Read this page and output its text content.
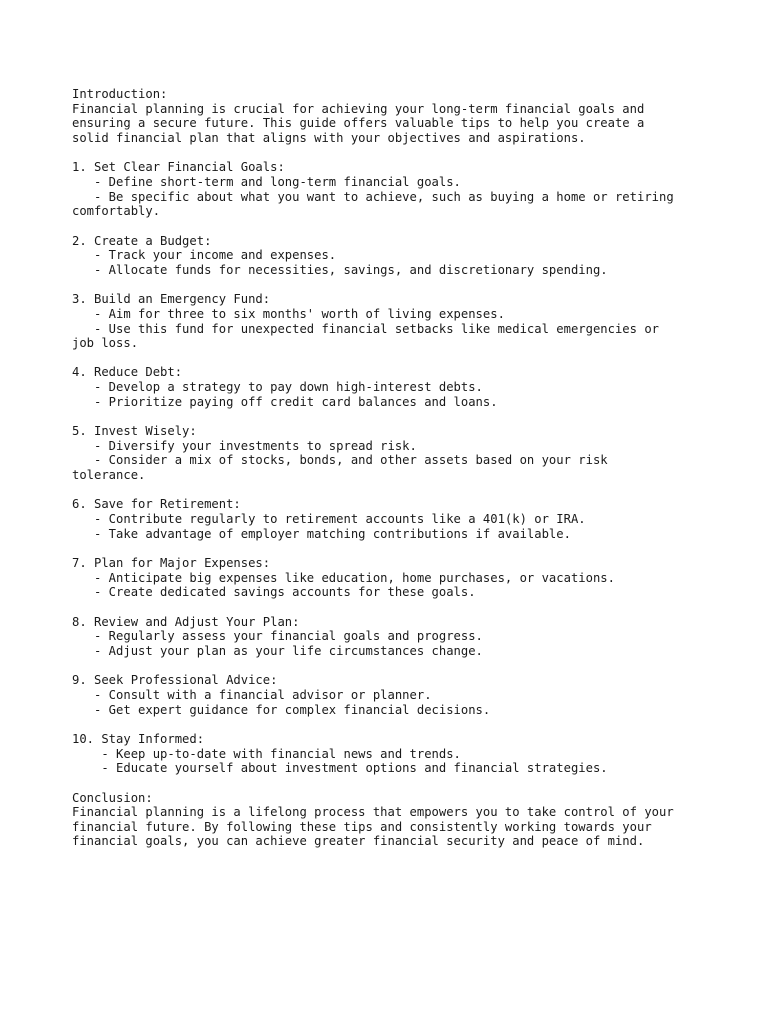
Introduction:
Financial planning is crucial for achieving your long-term financial goals and
ensuring a secure future. This guide offers valuable tips to help you create a
solid financial plan that aligns with your objectives and aspirations.
1. Set Clear Financial Goals:
- Define short-term and long-term financial goals.
- Be specific about what you want to achieve, such as buying a home or retiring
comfortably.
2. Create a Budget:
- Track your income and expenses.
- Allocate funds for necessities, savings, and discretionary spending.
3. Build an Emergency Fund:
- Aim for three to six months' worth of living expenses.
- Use this fund for unexpected financial setbacks like medical emergencies or
job loss.
4. Reduce Debt:
- Develop a strategy to pay down high-interest debts.
- Prioritize paying off credit card balances and loans.
5. Invest Wisely:
- Diversify your investments to spread risk.
- Consider a mix of stocks, bonds, and other assets based on your risk
tolerance.
6. Save for Retirement:
- Contribute regularly to retirement accounts like a 401(k) or IRA.
- Take advantage of employer matching contributions if available.
7. Plan for Major Expenses:
- Anticipate big expenses like education, home purchases, or vacations.
- Create dedicated savings accounts for these goals.
8. Review and Adjust Your Plan:
- Regularly assess your financial goals and progress.
- Adjust your plan as your life circumstances change.
9. Seek Professional Advice:
- Consult with a financial advisor or planner.
- Get expert guidance for complex financial decisions.
10. Stay Informed:
- Keep up-to-date with financial news and trends.
- Educate yourself about investment options and financial strategies.
Conclusion:
Financial planning is a lifelong process that empowers you to take control of your
financial future. By following these tips and consistently working towards your
financial goals, you can achieve greater financial security and peace of mind.
